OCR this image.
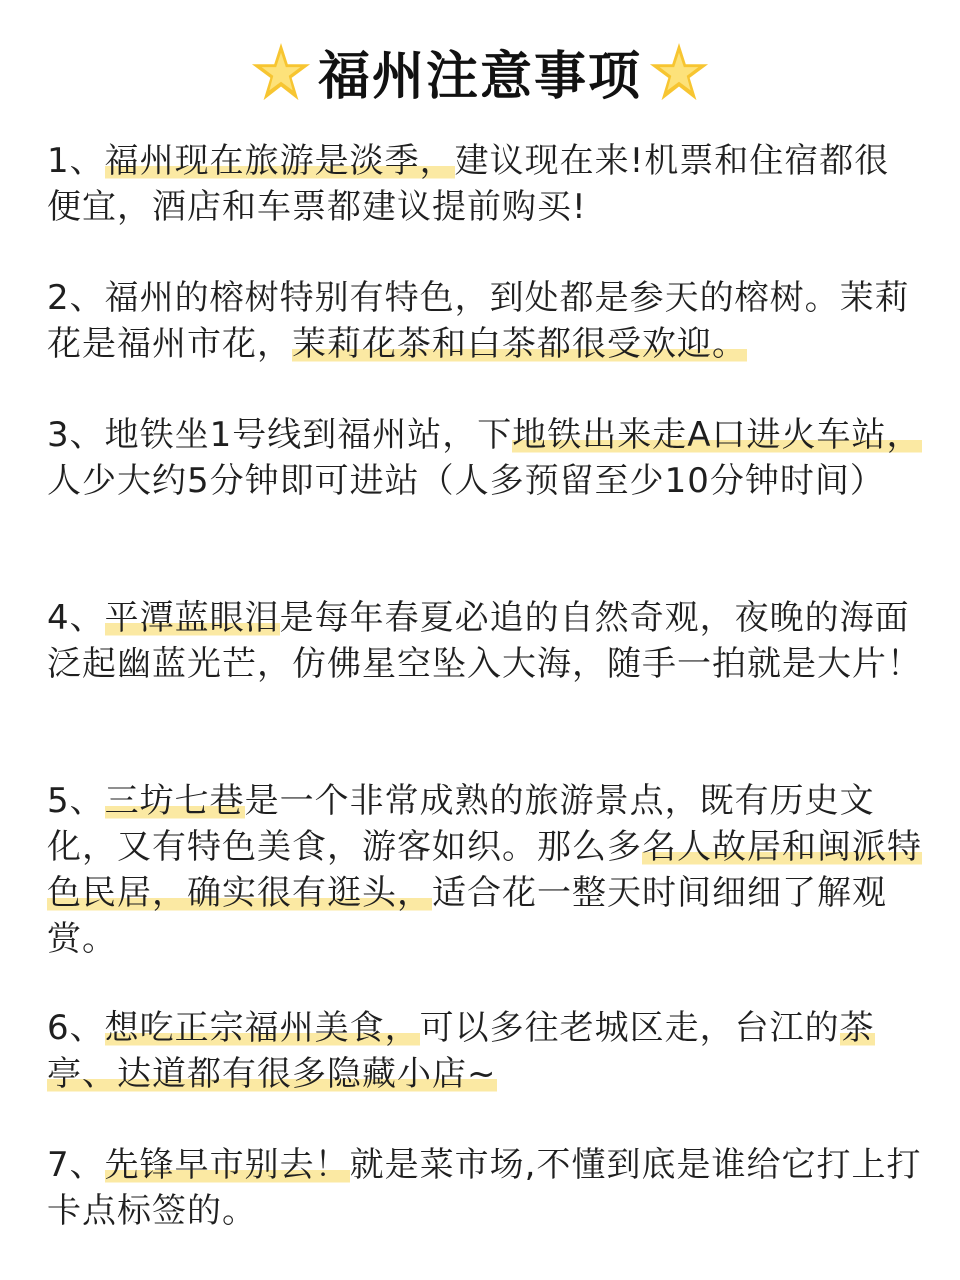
福州注意事项

1、福州现在旅游是淡季，建议现在来!机票和住宿都很便宜，酒店和车票都建议提前购买!

2、福州的榕树特别有特色，到处都是参天的榕树。茉莉花是福州市花，茉莉花茶和白茶都很受欢迎。

3、地铁坐1号线到福州站，下地铁出来走A口进火车站，人少大约5分钟即可进站（人多预留至少10分钟时间）

4、平潭蓝眼泪是每年春夏必追的自然奇观，夜晚的海面泛起幽蓝光芒，仿佛星空坠入大海，随手一拍就是大片！

5、三坊七巷是一个非常成熟的旅游景点，既有历史文化，又有特色美食，游客如织。那么多名人故居和闽派特色民居，确实很有逛头，适合花一整天时间细细了解观赏。

6、想吃正宗福州美食，可以多往老城区走，台江的茶亭、达道都有很多隐藏小店~

7、先锋早市别去！就是菜市场,不懂到底是谁给它打上打卡点标签的。
